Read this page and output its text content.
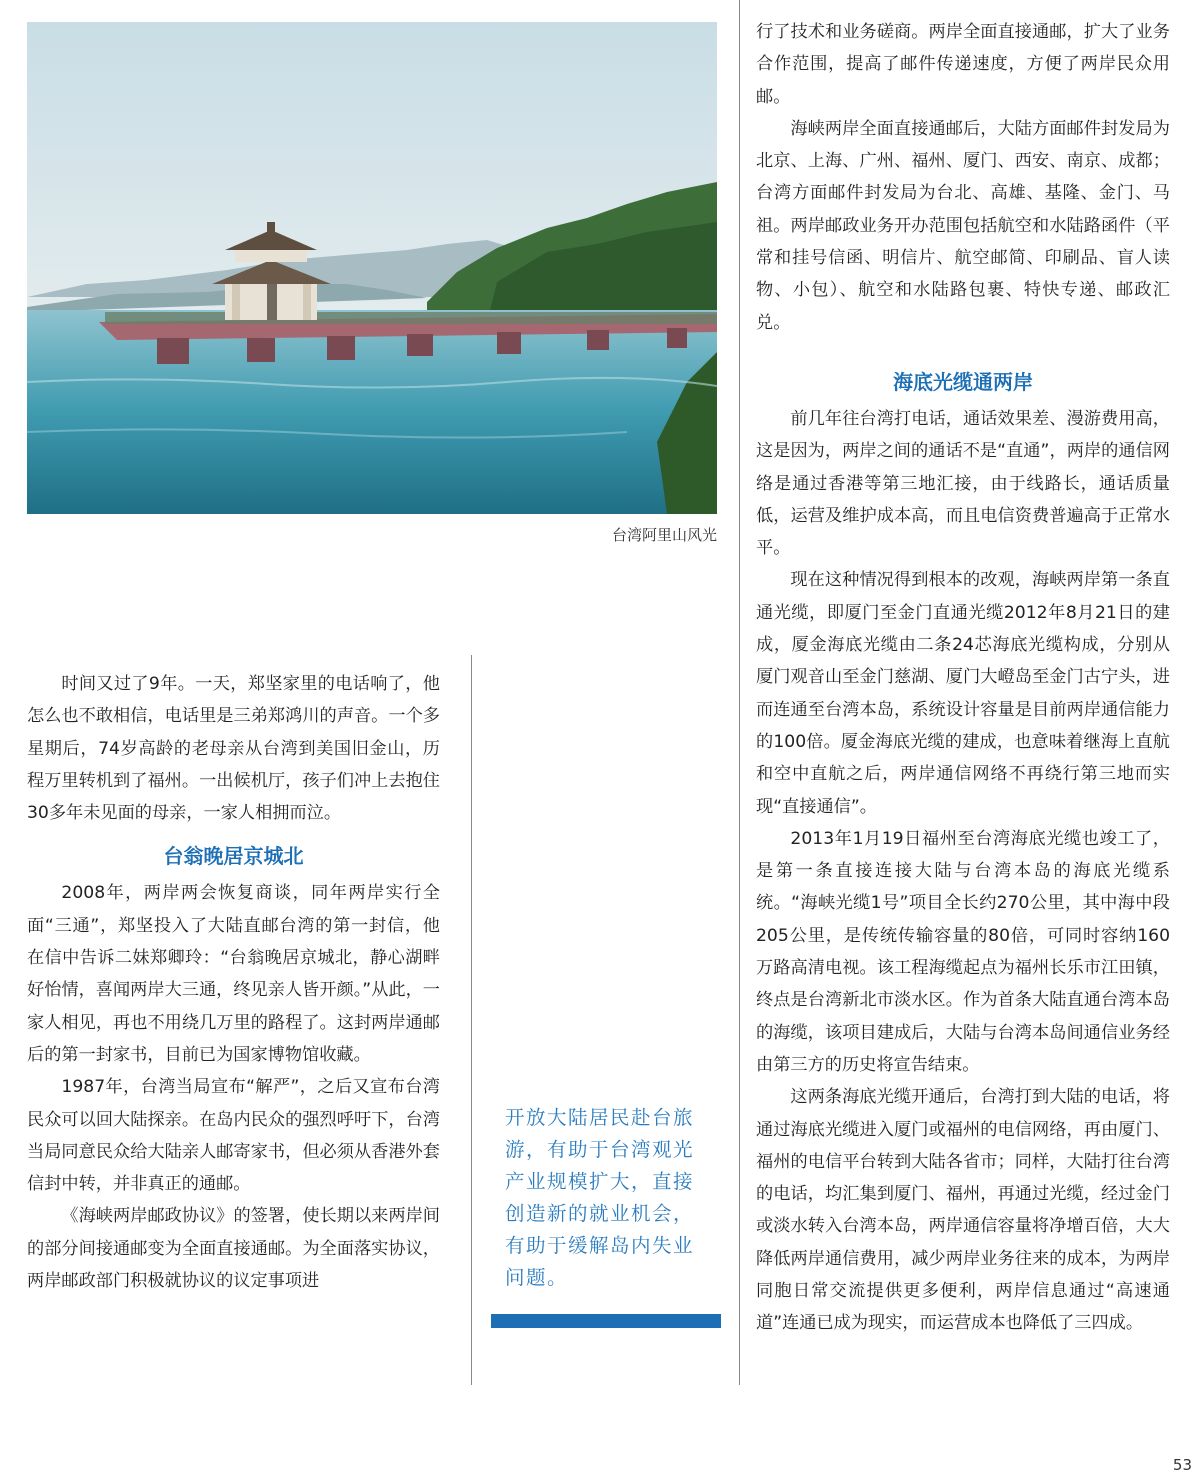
台湾阿里山风光

时间又过了9年。一天，郑坚家里的电话响了，他怎么也不敢相信，电话里是三弟郑鸿川的声音。一个多星期后，74岁高龄的老母亲从台湾到美国旧金山，历程万里转机到了福州。一出候机厅，孩子们冲上去抱住30多年未见面的母亲，一家人相拥而泣。

台翁晚居京城北

2008年，两岸两会恢复商谈，同年两岸实行全面“三通”，郑坚投入了大陆直邮台湾的第一封信，他在信中告诉二妹郑卿玲：“台翁晚居京城北，静心湖畔好怡情，喜闻两岸大三通，终见亲人皆开颜。”从此，一家人相见，再也不用绕几万里的路程了。这封两岸通邮后的第一封家书，目前已为国家博物馆收藏。

1987年，台湾当局宣布“解严”，之后又宣布台湾民众可以回大陆探亲。在岛内民众的强烈呼吁下，台湾当局同意民众给大陆亲人邮寄家书，但必须从香港外套信封中转，并非真正的通邮。

《海峡两岸邮政协议》的签署，使长期以来两岸间的部分间接通邮变为全面直接通邮。为全面落实协议，两岸邮政部门积极就协议的议定事项进

开放大陆居民赴台旅游，有助于台湾观光产业规模扩大，直接创造新的就业机会，有助于缓解岛内失业问题。

行了技术和业务磋商。两岸全面直接通邮，扩大了业务合作范围，提高了邮件传递速度，方便了两岸民众用邮。

海峡两岸全面直接通邮后，大陆方面邮件封发局为北京、上海、广州、福州、厦门、西安、南京、成都；台湾方面邮件封发局为台北、高雄、基隆、金门、马祖。两岸邮政业务开办范围包括航空和水陆路函件（平常和挂号信函、明信片、航空邮简、印刷品、盲人读物、小包）、航空和水陆路包裹、特快专递、邮政汇兑。

海底光缆通两岸

前几年往台湾打电话，通话效果差、漫游费用高，这是因为，两岸之间的通话不是“直通”，两岸的通信网络是通过香港等第三地汇接，由于线路长，通话质量低，运营及维护成本高，而且电信资费普遍高于正常水平。

现在这种情况得到根本的改观，海峡两岸第一条直通光缆，即厦门至金门直通光缆2012年8月21日的建成，厦金海底光缆由二条24芯海底光缆构成，分别从厦门观音山至金门慈湖、厦门大嶝岛至金门古宁头，进而连通至台湾本岛，系统设计容量是目前两岸通信能力的100倍。厦金海底光缆的建成，也意味着继海上直航和空中直航之后，两岸通信网络不再绕行第三地而实现“直接通信”。

2013年1月19日福州至台湾海底光缆也竣工了，是第一条直接连接大陆与台湾本岛的海底光缆系统。“海峡光缆1号”项目全长约270公里，其中海中段205公里，是传统传输容量的80倍，可同时容纳160万路高清电视。该工程海缆起点为福州长乐市江田镇，终点是台湾新北市淡水区。作为首条大陆直通台湾本岛的海缆，该项目建成后，大陆与台湾本岛间通信业务经由第三方的历史将宣告结束。

这两条海底光缆开通后，台湾打到大陆的电话，将通过海底光缆进入厦门或福州的电信网络，再由厦门、福州的电信平台转到大陆各省市；同样，大陆打往台湾的电话，均汇集到厦门、福州，再通过光缆，经过金门或淡水转入台湾本岛，两岸通信容量将净增百倍，大大降低两岸通信费用，减少两岸业务往来的成本，为两岸同胞日常交流提供更多便利，两岸信息通过“高速通道”连通已成为现实，而运营成本也降低了三四成。

53
